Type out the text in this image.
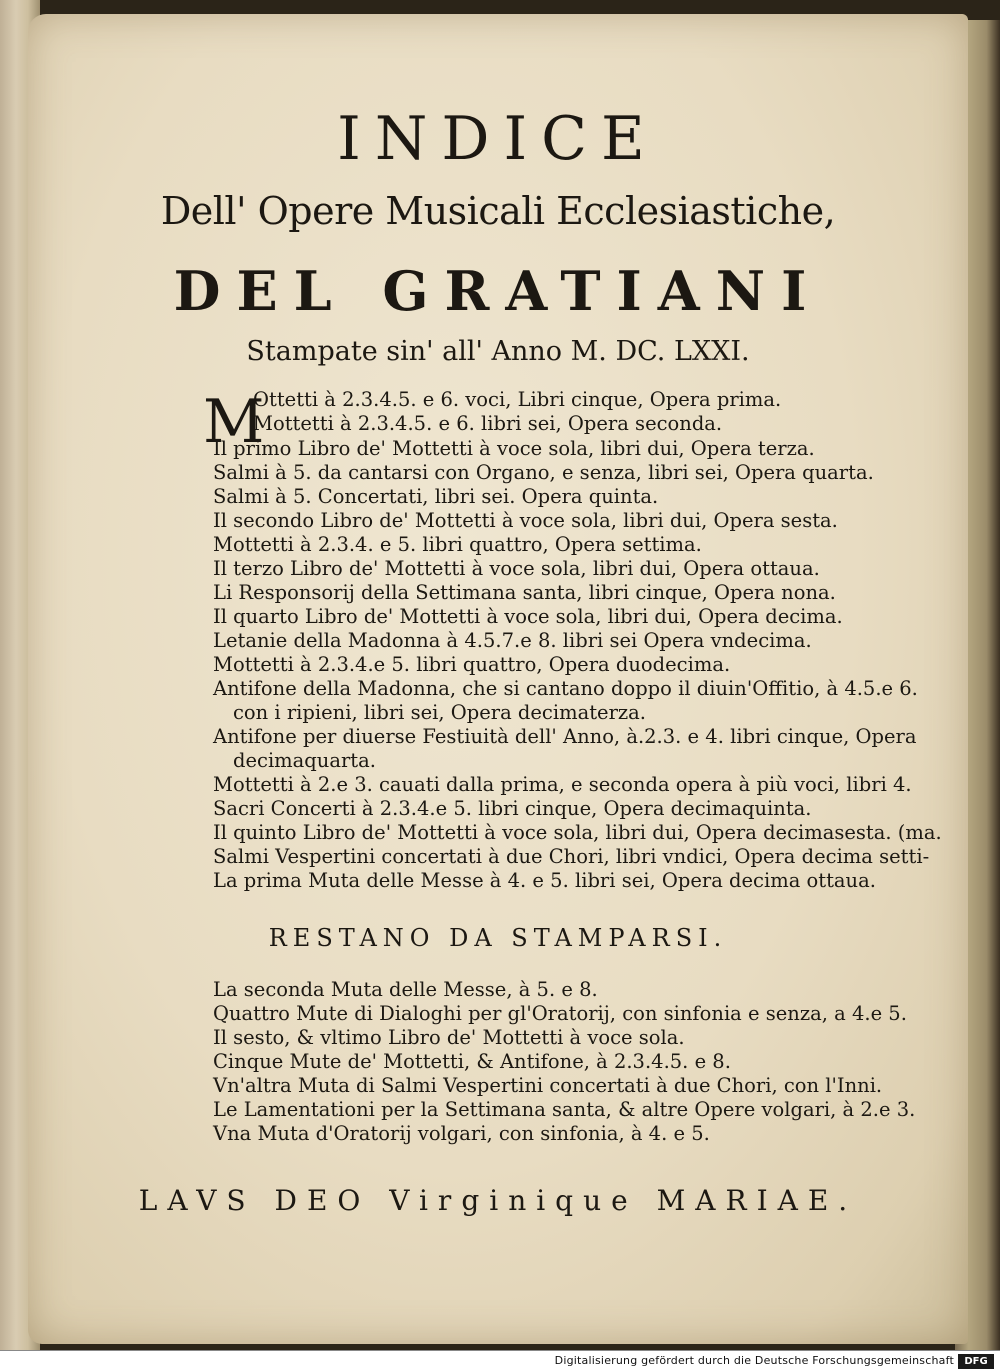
INDICE
Dell' Opere Musicali Ecclesiastiche,
DEL GRATIANI
Stampate sin' all' Anno M. DC. LXXI.
M
Ottetti à 2.3.4.5. e 6. voci, Libri cinque, Opera prima.
Mottetti à 2.3.4.5. e 6. libri sei, Opera seconda.
Il primo Libro de' Mottetti à voce sola, libri dui, Opera terza.
Salmi à 5. da cantarsi con Organo, e senza, libri sei, Opera quarta.
Salmi à 5. Concertati, libri sei. Opera quinta.
Il secondo Libro de' Mottetti à voce sola, libri dui, Opera sesta.
Mottetti à 2.3.4. e 5. libri quattro, Opera settima.
Il terzo Libro de' Mottetti à voce sola, libri dui, Opera ottaua.
Li Responsorij della Settimana santa, libri cinque, Opera nona.
Il quarto Libro de' Mottetti à voce sola, libri dui, Opera decima.
Letanie della Madonna à 4.5.7.e 8. libri sei Opera vndecima.
Mottetti à 2.3.4.e 5. libri quattro, Opera duodecima.
Antifone della Madonna, che si cantano doppo il diuin'Offitio, à 4.5.e 6.
con i ripieni, libri sei, Opera decimaterza.
Antifone per diuerse Festiuità dell' Anno, à.2.3. e 4. libri cinque, Opera
decimaquarta.
Mottetti à 2.e 3. cauati dalla prima, e seconda opera à più voci, libri 4.
Sacri Concerti à 2.3.4.e 5. libri cinque, Opera decimaquinta.
Il quinto Libro de' Mottetti à voce sola, libri dui, Opera decimasesta. (ma.
Salmi Vespertini concertati à due Chori, libri vndici, Opera decima setti-
La prima Muta delle Messe à 4. e 5. libri sei, Opera decima ottaua.
RESTANO DA STAMPARSI.
La seconda Muta delle Messe, à 5. e 8.
Quattro Mute di Dialoghi per gl'Oratorij, con sinfonia e senza, a 4.e 5.
Il sesto, & vltimo Libro de' Mottetti à voce sola.
Cinque Mute de' Mottetti, & Antifone, à 2.3.4.5. e 8.
Vn'altra Muta di Salmi Vespertini concertati à due Chori, con l'Inni.
Le Lamentationi per la Settimana santa, & altre Opere volgari, à 2.e 3.
Vna Muta d'Oratorij volgari, con sinfonia, à 4. e 5.
LAVS DEO Virginique MARIAE.
Digitalisierung gefördert durch die Deutsche Forschungsgemeinschaft	DFG
